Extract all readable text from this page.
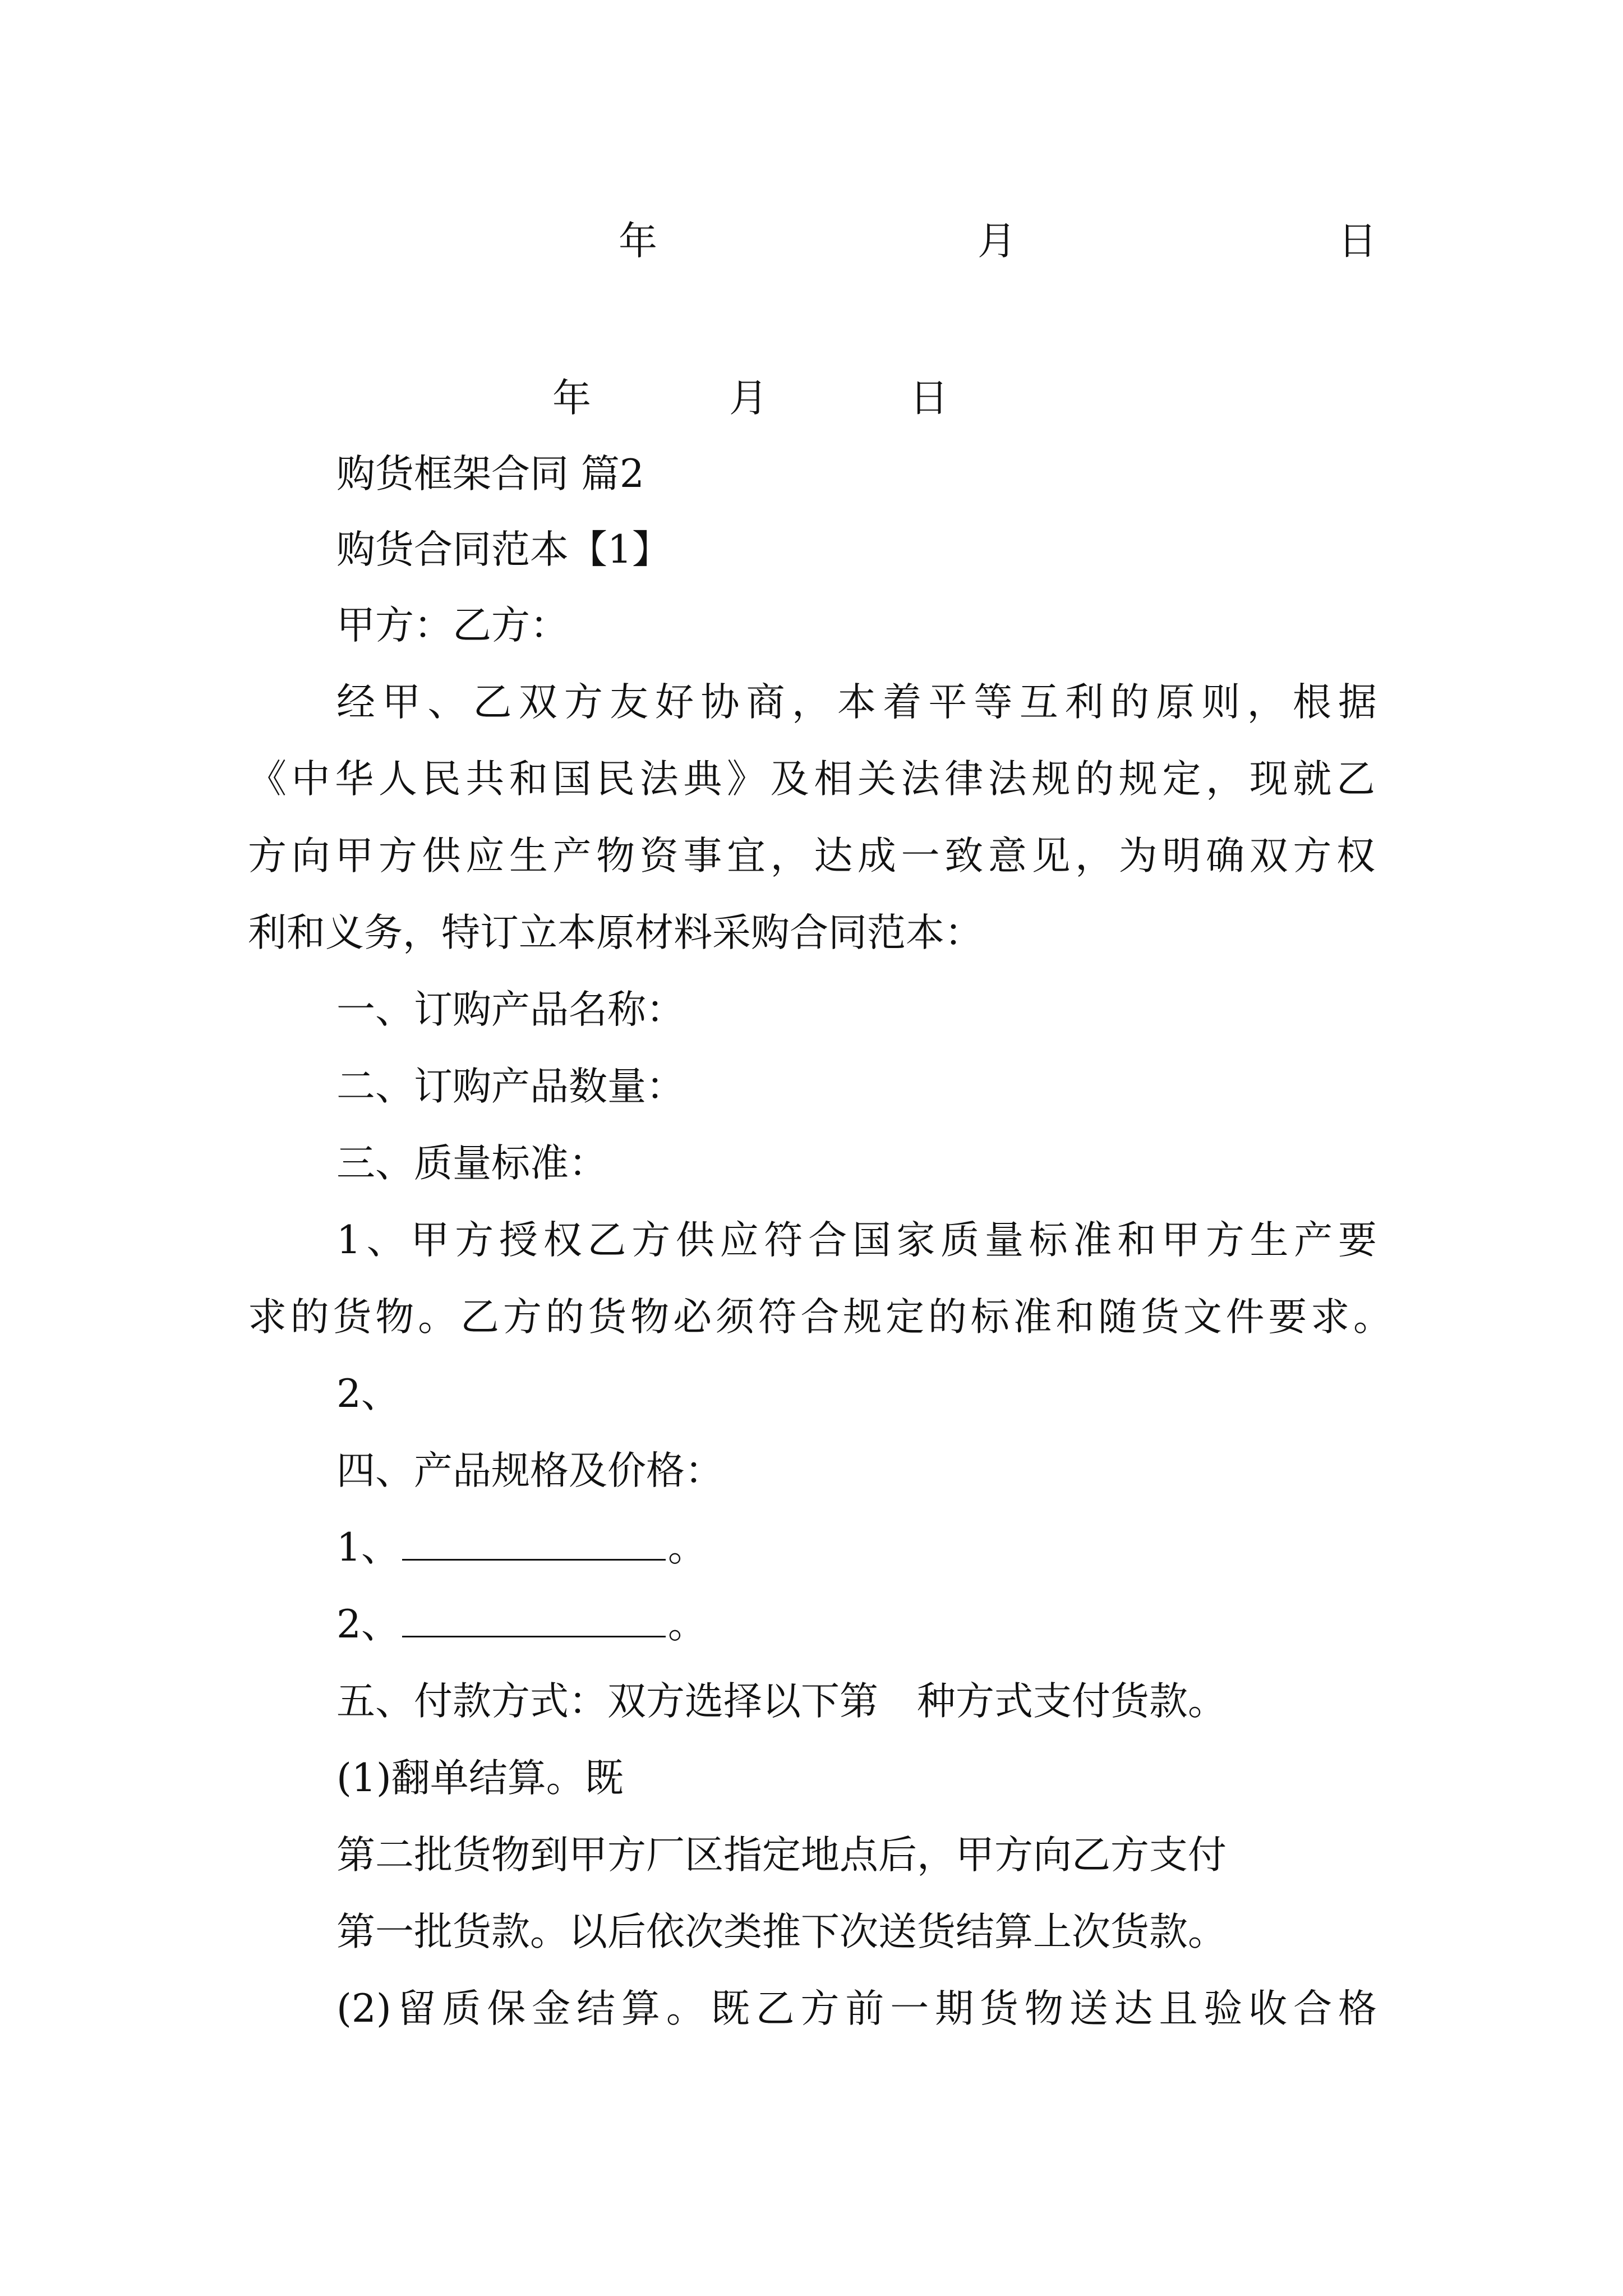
年	月	日
年	月	日

购货框架合同 篇2

购货合同范本【1】

甲方：乙方：

经甲、乙双方友好协商，本着平等互利的原则，根据

《中华人民共和国民法典》及相关法律法规的规定，现就乙

方向甲方供应生产物资事宜，达成一致意见，为明确双方权

利和义务，特订立本原材料采购合同范本：

一、订购产品名称：

二、订购产品数量：

三、质量标准：

1、甲方授权乙方供应符合国家质量标准和甲方生产要

求的货物。乙方的货物必须符合规定的标准和随货文件要求。

2、

四、产品规格及价格：

1、	。

2、	。

五、付款方式：双方选择以下第　种方式支付货款。

(1)翻单结算。既

第二批货物到甲方厂区指定地点后，甲方向乙方支付

第一批货款。以后依次类推下次送货结算上次货款。

(2)留质保金结算。既乙方前一期货物送达且验收合格
